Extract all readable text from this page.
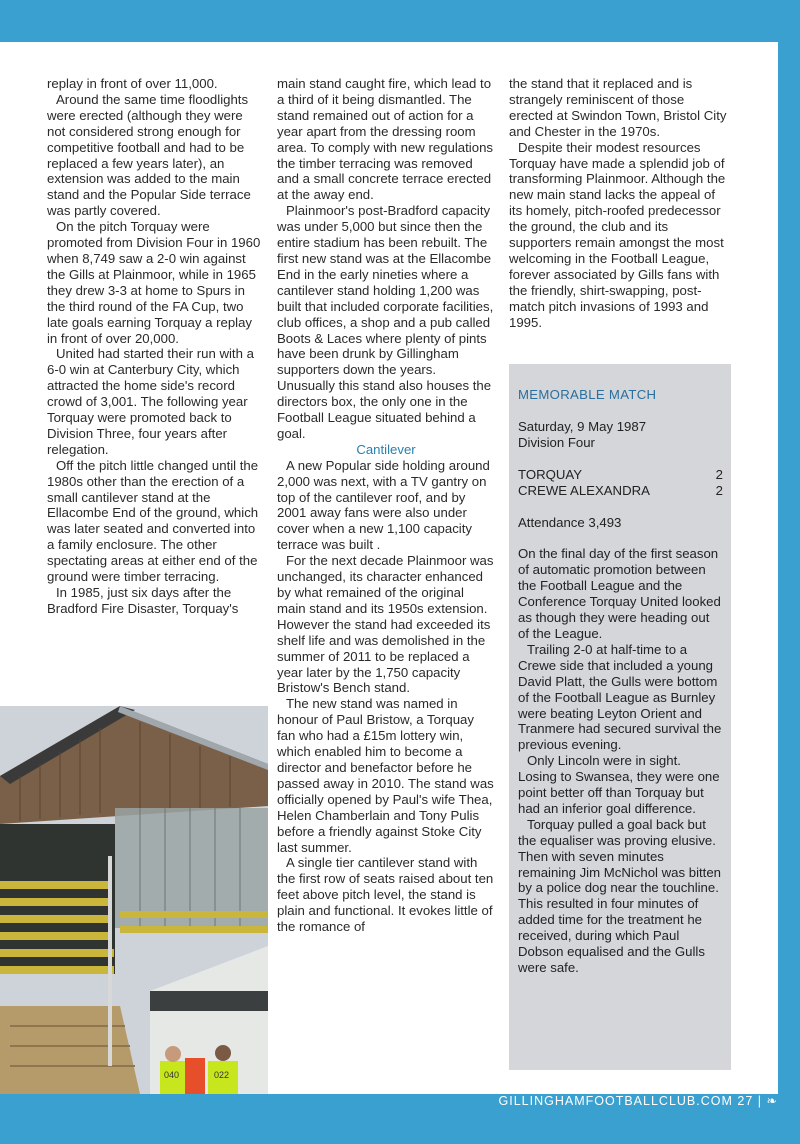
replay in front of over 11,000.

Around the same time floodlights were erected (although they were not considered strong enough for competitive football and had to be replaced a few years later), an extension was added to the main stand and the Popular Side terrace was partly covered.

On the pitch Torquay were promoted from Division Four in 1960 when 8,749 saw a 2-0 win against the Gills at Plainmoor, while in 1965 they drew 3-3 at home to Spurs in the third round of the FA Cup, two late goals earning Torquay a replay in front of over 20,000.

United had started their run with a 6-0 win at Canterbury City, which attracted the home side's record crowd of 3,001. The following year Torquay were promoted back to Division Three, four years after relegation.

Off the pitch little changed until the 1980s other than the erection of a small cantilever stand at the Ellacombe End of the ground, which was later seated and converted into a family enclosure. The other spectating areas at either end of the ground were timber terracing.

In 1985, just six days after the Bradford Fire Disaster, Torquay's

main stand caught fire, which lead to a third of it being dismantled. The stand remained out of action for a year apart from the dressing room area. To comply with new regulations the timber terracing was removed and a small concrete terrace erected at the away end.

Plainmoor's post-Bradford capacity was under 5,000 but since then the entire stadium has been rebuilt. The first new stand was at the Ellacombe End in the early nineties where a cantilever stand holding 1,200 was built that included corporate facilities, club offices, a shop and a pub called Boots & Laces where plenty of pints have been drunk by Gillingham supporters down the years. Unusually this stand also houses the directors box, the only one in the Football League situated behind a goal.

Cantilever

A new Popular side holding around 2,000 was next, with a TV gantry on top of the cantilever roof, and by 2001 away fans were also under cover when a new 1,100 capacity terrace was built .

For the next decade Plainmoor was unchanged, its character enhanced by what remained of the original main stand and its 1950s extension. However the stand had exceeded its shelf life and was demolished in the summer of 2011 to be replaced a year later by the 1,750 capacity Bristow's Bench stand.

The new stand was named in honour of Paul Bristow, a Torquay fan who had a £15m lottery win, which enabled him to become a director and benefactor before he passed away in 2010. The stand was officially opened by Paul's wife Thea, Helen Chamberlain and Tony Pulis before a friendly against Stoke City last summer.

A single tier cantilever stand with the first row of seats raised about ten feet above pitch level, the stand is plain and functional. It evokes little of the romance of

the stand that it replaced and is strangely reminiscent of those erected at Swindon Town, Bristol City and Chester in the 1970s.

Despite their modest resources Torquay have made a splendid job of transforming Plainmoor. Although the new main stand lacks the appeal of its homely, pitch-roofed predecessor the ground, the club and its supporters remain amongst the most welcoming in the Football League, forever associated by Gills fans with the friendly, shirt-swapping, post-match pitch invasions of 1993 and 1995.

MEMORABLE MATCH
Saturday, 9 May 1987
Division Four
TORQUAY	2
CREWE ALEXANDRA	2
Attendance 3,493

On the final day of the first season of automatic promotion between the Football League and the Conference Torquay United looked as though they were heading out of the League.

Trailing 2-0 at half-time to a Crewe side that included a young David Platt, the Gulls were bottom of the Football League as Burnley were beating Leyton Orient and Tranmere had secured survival the previous evening.

Only Lincoln were in sight. Losing to Swansea, they were one point better off than Torquay but had an inferior goal difference.

Torquay pulled a goal back but the equaliser was proving elusive. Then with seven minutes remaining Jim McNichol was bitten by a police dog near the touchline. This resulted in four minutes of added time for the treatment he received, during which Paul Dobson equalised and the Gulls were safe.

040	022
GILLINGHAMFOOTBALLCLUB.COM 27 | ❧
